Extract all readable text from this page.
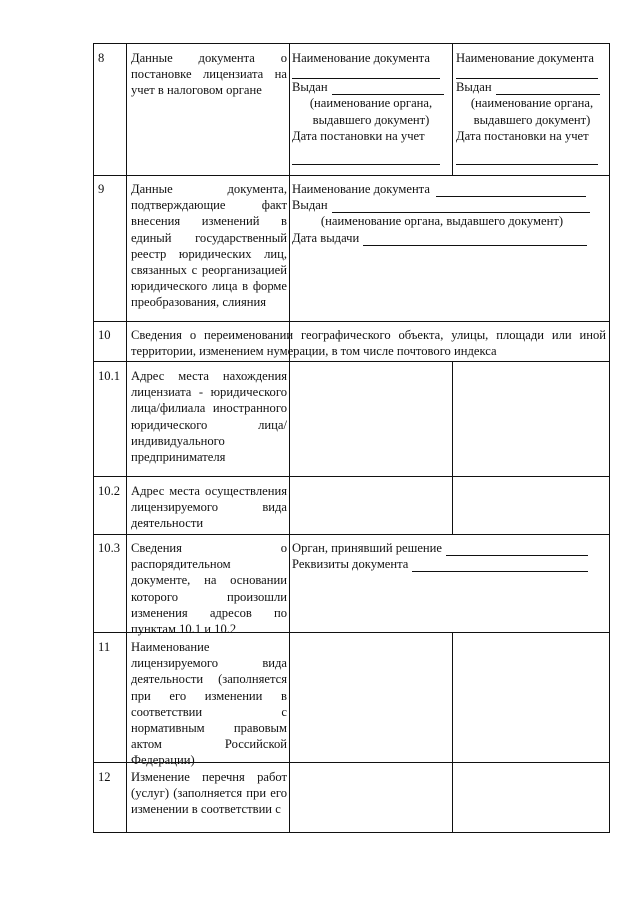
8 Данные документа о постановке лицензиата на учет в налоговом органе
Наименование документа
Выдан
(наименование органа, выдавшего документ)
Дата постановки на учет
Наименование документа
Выдан
(наименование органа, выдавшего документ)
Дата постановки на учет
9 Данные документа, подтверждающие факт внесения изменений в единый государственный реестр юридических лиц, связанных с реорганизацией юридического лица в форме преобразования, слияния
Наименование документа
Выдан
(наименование органа, выдавшего документ)
Дата выдачи
10 Сведения о переименовании географического объекта, улицы, площади или иной территории, изменением нумерации, в том числе почтового индекса
10.1 Адрес места нахождения лицензиата - юридического лица/филиала иностранного юридического лица/индивидуального предпринимателя
10.2 Адрес места осуществления лицензируемого вида деятельности
10.3 Сведения о распорядительном документе, на основании которого произошли изменения адресов по пунктам 10.1 и 10.2
Орган, принявший решение
Реквизиты документа
11 Наименование лицензируемого вида деятельности (заполняется при его изменении в соответствии с нормативным правовым актом Российской Федерации)
12 Изменение перечня работ (услуг) (заполняется при его изменении в соответствии с
